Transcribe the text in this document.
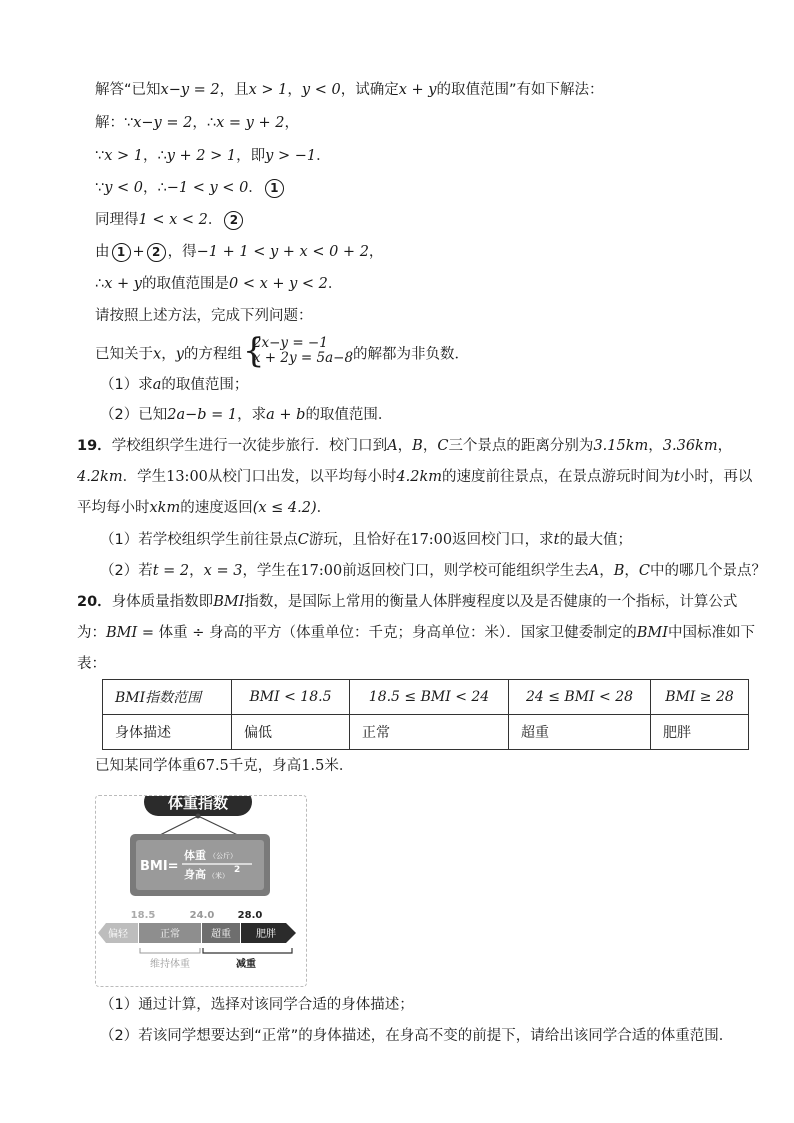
解答“已知x−y = 2，且x > 1，y < 0，试确定x + y的取值范围”有如下解法：
解：∵x−y = 2，∴x = y + 2，
∵x > 1，∴y + 2 > 1，即y > −1．
∵y < 0，∴−1 < y < 0． 1
同理得1 < x < 2． 2
由 1 + 2 ，得−1 + 1 < y + x < 0 + 2，
∴x + y的取值范围是0 < x + y < 2．
请按照上述方法，完成下列问题：
已知关于x，y的方程组 {
2x−y = −1
x + 2y = 5a−8的解都为非负数．
（1）求a的取值范围；
（2）已知2a−b = 1，求a + b的取值范围．
19．学校组织学生进行一次徒步旅行．校门口到A，B，C三个景点的距离分别为3.15km，3.36km，
4.2km．学生13:00从校门口出发，以平均每小时4.2km的速度前往景点，在景点游玩时间为t小时，再以
平均每小时xkm的速度返回(x ≤ 4.2)．
（1）若学校组织学生前往景点C游玩，且恰好在17:00返回校门口，求t的最大值；
（2）若t = 2，x = 3，学生在17:00前返回校门口，则学校可能组织学生去A，B，C中的哪几个景点？
20．身体质量指数即BMI指数，是国际上常用的衡量人体胖瘦程度以及是否健康的一个指标，计算公式
为：BMI = 体重 ÷ 身高的平方（体重单位：千克；身高单位：米）．国家卫健委制定的BMI中国标准如下
表：
BMI指数范围	BMI < 18.5	18.5 ≤ BMI < 24	24 ≤ BMI < 28	BMI ≥ 28
身体描述	偏低	正常	超重	肥胖
已知某同学体重67.5千克，身高1.5米．
体重指数
BMI=
体重 （公斤）
身高 （米）
2
18.5	24.0 28.0
偏轻	正常	超重	肥胖
维持体重	减重
（1）通过计算，选择对该同学合适的身体描述；
（2）若该同学想要达到“正常”的身体描述，在身高不变的前提下，请给出该同学合适的体重范围．
